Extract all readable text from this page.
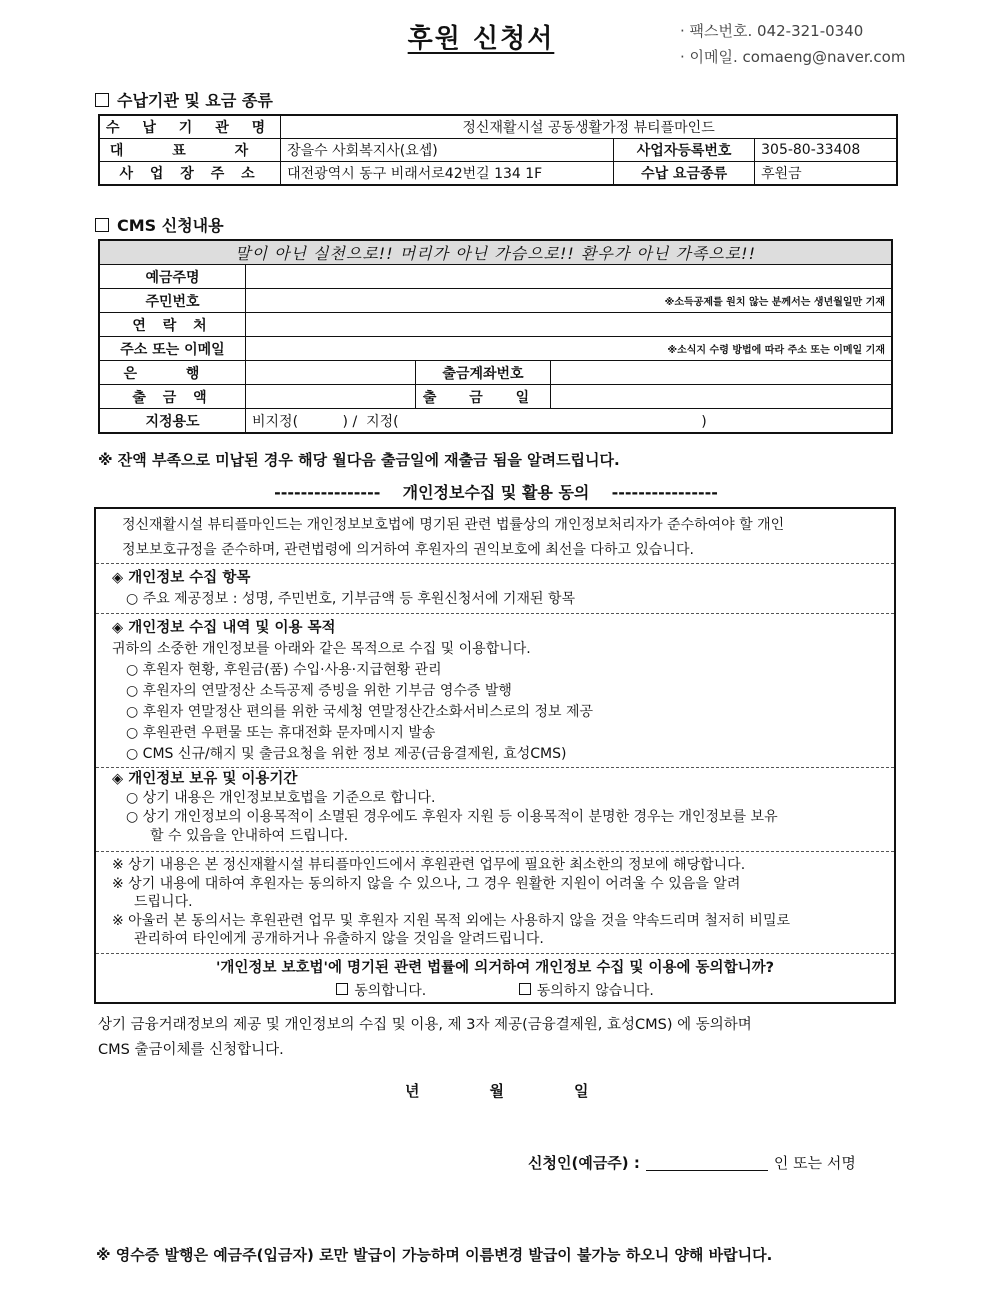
후원 신청서	· 팩스번호. 042-321-0340
· 이메일. comaeng@naver.com
수납기관 및 요금 종류
수 납 기 관 명	정신재활시설 공동생활가정 뷰티플마인드		
대 표 자	장을수 사회복지사(요셉)	사업자등록번호	305-80-33408
사 업 장 주 소	대전광역시 동구 비래서로42번길 134 1F	수납 요금종류	후원금
CMS 신청내용
말이 아닌 실천으로!! 머리가 아닌 가슴으로!! 환우가 아닌 가족으로!!			
예금주명			
주민번호	※소득공제를 원치 않는 분께서는 생년월일만 기재		
연 락 처			
주소 또는 이메일	※소식지 수령 방법에 따라 주소 또는 이메일 기재		
은 행		출금계좌번호	
출 금 액		출 금 일	
지정용도	비지정(          ) /  지정(                                                                    )		
※ 잔액 부족으로 미납된 경우 해당 월다음 출금일에 재출금 됨을 알려드립니다.
----------------    개인정보수집 및 활용 동의    ----------------
정신재활시설 뷰티플마인드는 개인정보보호법에 명기된 관련 법률상의 개인정보처리자가 준수하여야 할 개인
정보보호규정을 준수하며, 관련법령에 의거하여 후원자의 권익보호에 최선을 다하고 있습니다.
◈ 개인정보 수집 항목
○ 주요 제공정보 : 성명, 주민번호, 기부금액 등 후원신청서에 기재된 항목
◈ 개인정보 수집 내역 및 이용 목적
귀하의 소중한 개인정보를 아래와 같은 목적으로 수집 및 이용합니다.
○ 후원자 현황, 후원금(품) 수입·사용·지급현황 관리
○ 후원자의 연말정산 소득공제 증빙을 위한 기부금 영수증 발행
○ 후원자 연말정산 편의를 위한 국세청 연말정산간소화서비스로의 정보 제공
○ 후원관련 우편물 또는 휴대전화 문자메시지 발송
○ CMS 신규/해지 및 출금요청을 위한 정보 제공(금융결제원, 효성CMS)
◈ 개인정보 보유 및 이용기간
○ 상기 내용은 개인정보보호법을 기준으로 합니다.
○ 상기 개인정보의 이용목적이 소멸된 경우에도 후원자 지원 등 이용목적이 분명한 경우는 개인정보를 보유
할 수 있음을 안내하여 드립니다.
※ 상기 내용은 본 정신재활시설 뷰티플마인드에서 후원관련 업무에 필요한 최소한의 정보에 해당합니다.
※ 상기 내용에 대하여 후원자는 동의하지 않을 수 있으나, 그 경우 원활한 지원이 어려울 수 있음을 알려
드립니다.
※ 아울러 본 동의서는 후원관련 업무 및 후원자 지원 목적 외에는 사용하지 않을 것을 약속드리며 철저히 비밀로
관리하여 타인에게 공개하거나 유출하지 않을 것임을 알려드립니다.
'개인정보 보호법'에 명기된 관련 법률에 의거하여 개인정보 수집 및 이용에 동의합니까?
동의합니다.	동의하지 않습니다.
상기 금융거래정보의 제공 및 개인정보의 수집 및 이용, 제 3자 제공(금융결제원, 효성CMS) 에 동의하며
CMS 출금이체를 신청합니다.
년	월	일
신청인(예금주) :	인 또는 서명
※ 영수증 발행은 예금주(입금자) 로만 발급이 가능하며 이름변경 발급이 불가능 하오니 양해 바랍니다.
